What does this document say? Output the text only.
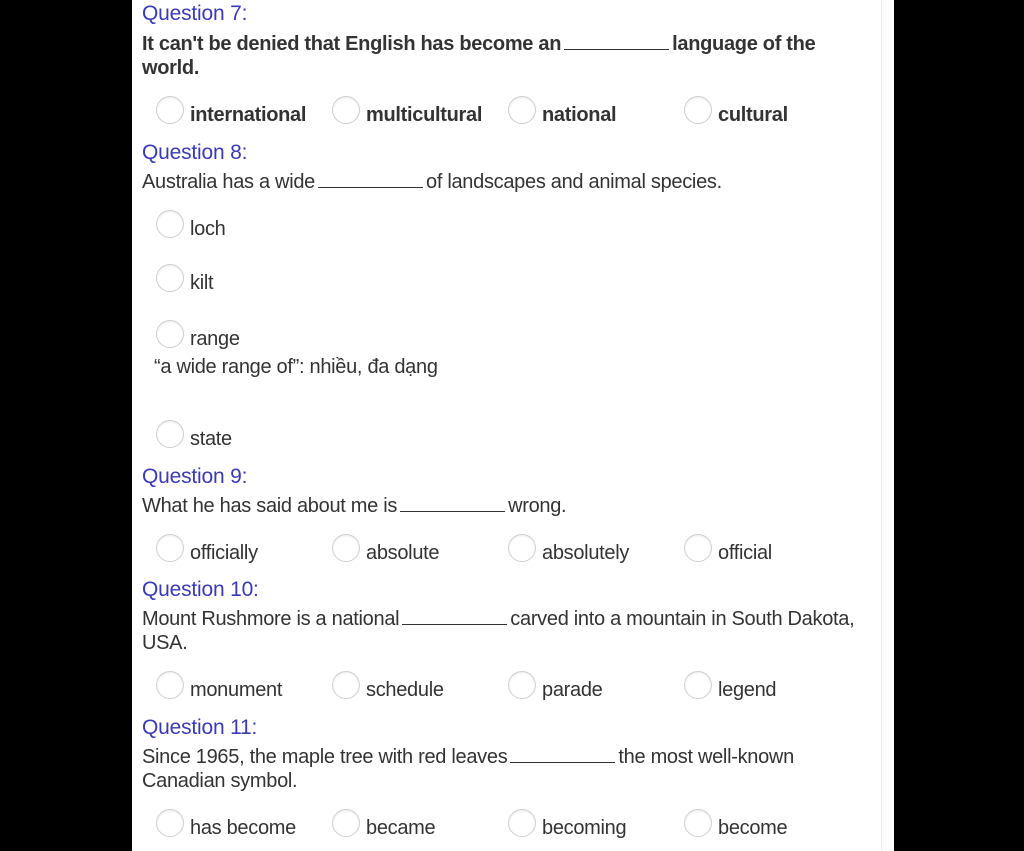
Question 7:
It can't be denied that English has become an	language of the world.
international	multicultural	national	cultural
Question 8:
Australia has a wide	of landscapes and animal species.
loch
kilt
range
“a wide range of”: nhiều, đa dạng
state
Question 9:
What he has said about me is	wrong.
officially	absolute	absolutely	official
Question 10:
Mount Rushmore is a national	carved into a mountain in South Dakota, USA.
monument	schedule	parade	legend
Question 11:
Since 1965, the maple tree with red leaves	the most well-known Canadian symbol.
has become	became	becoming	become
